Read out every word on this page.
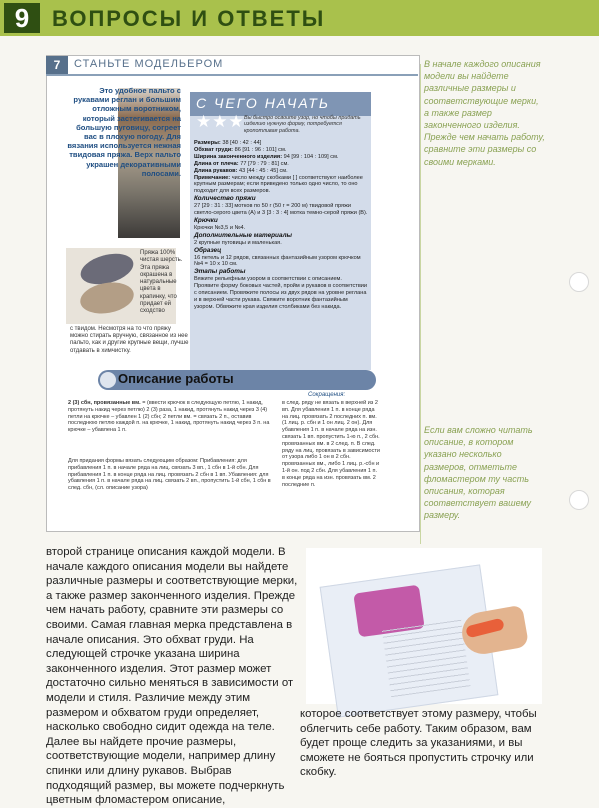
9	ВОПРОСЫ И ОТВЕТЫ
7	СТАНЬТЕ МОДЕЛЬЕРОМ
Это удобное пальто с рукавами реглан и большим отложным воротником, который застегивается на большую пуговицу, согреет вас в плохую погоду. Для вязания используется нежная твидовая пряжа. Верх пальто украшен декоративными полосами.
Пряжа 100% чистая шерсть. Эта пряжа окрашена в натуральные цвета в крапинку, что придает ей сходство
с твидом. Несмотря на то что пряжу можно стирать вручную, связанное из нее пальто, как и другие крупные вещи, лучше отдавать в химчистку.
С ЧЕГО НАЧАТЬ
★★★ Вы быстро освоите узор, но чтобы придать изделию нужную форму, потребуется кропотливая работа.
Размеры: 38 [40 : 42 : 44]
Обхват груди: 86 [91 : 96 : 101] см.
Ширина законченного изделия: 94 [99 : 104 : 109] см.
Длина от плеча: 77 [79 : 79 : 81] см.
Длина рукавов: 43 [44 : 45 : 45] см.
Примечание: число между скобками [ ] соответствуют наиболее крупным размерам; если приведено только одно число, то оно подходит для всех размеров.
Количество пряжи
27 [29 : 31 : 33] мотков по 50 г (50 г = 200 м) твидовой пряжи светло-серого цвета (A) и 3 [3 : 3 : 4] мотка темно-серой пряжи (B).
Крючки
Крючки №3,5 и №4.
Дополнительные материалы
2 крупные пуговицы и маленькая.
Образец
16 петель и 12 рядов, связанных фантазийным узором крючком №4 = 10 х 10 см.
Этапы работы
Вяжите рельефным узором в соответствии с описанием. Проявите форму боковых частей, пройм и рукавов в соответствии с описанием. Провяжите полосы из двух рядов на уровне реглана и в верхней части рукава. Свяжите воротник фантазийным узором. Обвяжите края изделия столбиками без накида.
Описание работы
Сокращения:
2 (3) сбн, провязанные вм. = (ввести крючок в следующую петлю, 1 накид, протянуть накид через петлю) 2 (3) раза, 1 накид, протянуть накид через 3 (4) петли на крючке – убавлен 1 (2) сбн; 2 петли вм. = связать 2 п., оставив последнюю петлю каждой п. на крючке, 1 накид, протянуть накид через 3 п. на крючке – убавлена 1 п.
в след. ряду не вязать в верхней из 2 вп. Для убавления 1 п. в конце ряда на лиц. провязать 2 последних п. вм. (1 лиц. р. сбн и 1 он лиц. 2 он). Для убавления 1 п. в начале ряда на изн. связать 1 вп. пропустить 1-ю п., 2 сбн. провязанных вм. в 2 след. п. В след. ряду на лиц. провязать в зависимости от узора либо 1 он в 2 сбн. провязанных вм., либо 1 лиц. р.-сбн и 1-й он. под 2 сбн. Для убавления 1 п. в конце ряда на изн. провязать вм. 2 последние п.
Для придания формы вязать следующим образом: Прибавления: для прибавления 1 п. в начале ряда на лиц. связать 3 вп., 1 сбн в 1-й сбн. Для прибавления 1 п. в конце ряда на лиц. провязать 2 сбн в 1 вп. Убавления: для убавления 1 п. в начале ряда на лиц. связать 2 вп., пропустить 1-й сбн, 1 сбн в след. сбн, (сл. описание узора)
В начале каждого описания модели вы найдете различные размеры и соответствующие мерки, а также размер законченного изделия. Прежде чем начать работу, сравните эти размеры со своими мерками.
Если вам сложно читать описание, в котором указано несколько размеров, отметьте фломастером ту часть описания, которая соответствует вашему размеру.
второй странице описания каждой модели. В начале каждого описания модели вы найдете различные размеры и соответствующие мерки, а также размер законченного изделия. Прежде чем начать работу, сравните эти размеры со своими. Самая главная мерка представлена в начале описания. Это обхват груди. На следующей строчке указана ширина законченного изделия. Этот размер может достаточно сильно меняться в зависимости от модели и стиля. Различие между этим размером и обхватом груди определяет, насколько свободно сидит одежда на теле. Далее вы найдете прочие размеры, соответствующие модели, например длину спинки или длину рукавов. Выбрав подходящий размер, вы можете подчеркнуть цветным фломастером описание,
которое соответствует этому размеру, чтобы облегчить себе работу. Таким образом, вам будет проще следить за указаниями, и вы сможете не бояться пропустить строчку или скобку.
